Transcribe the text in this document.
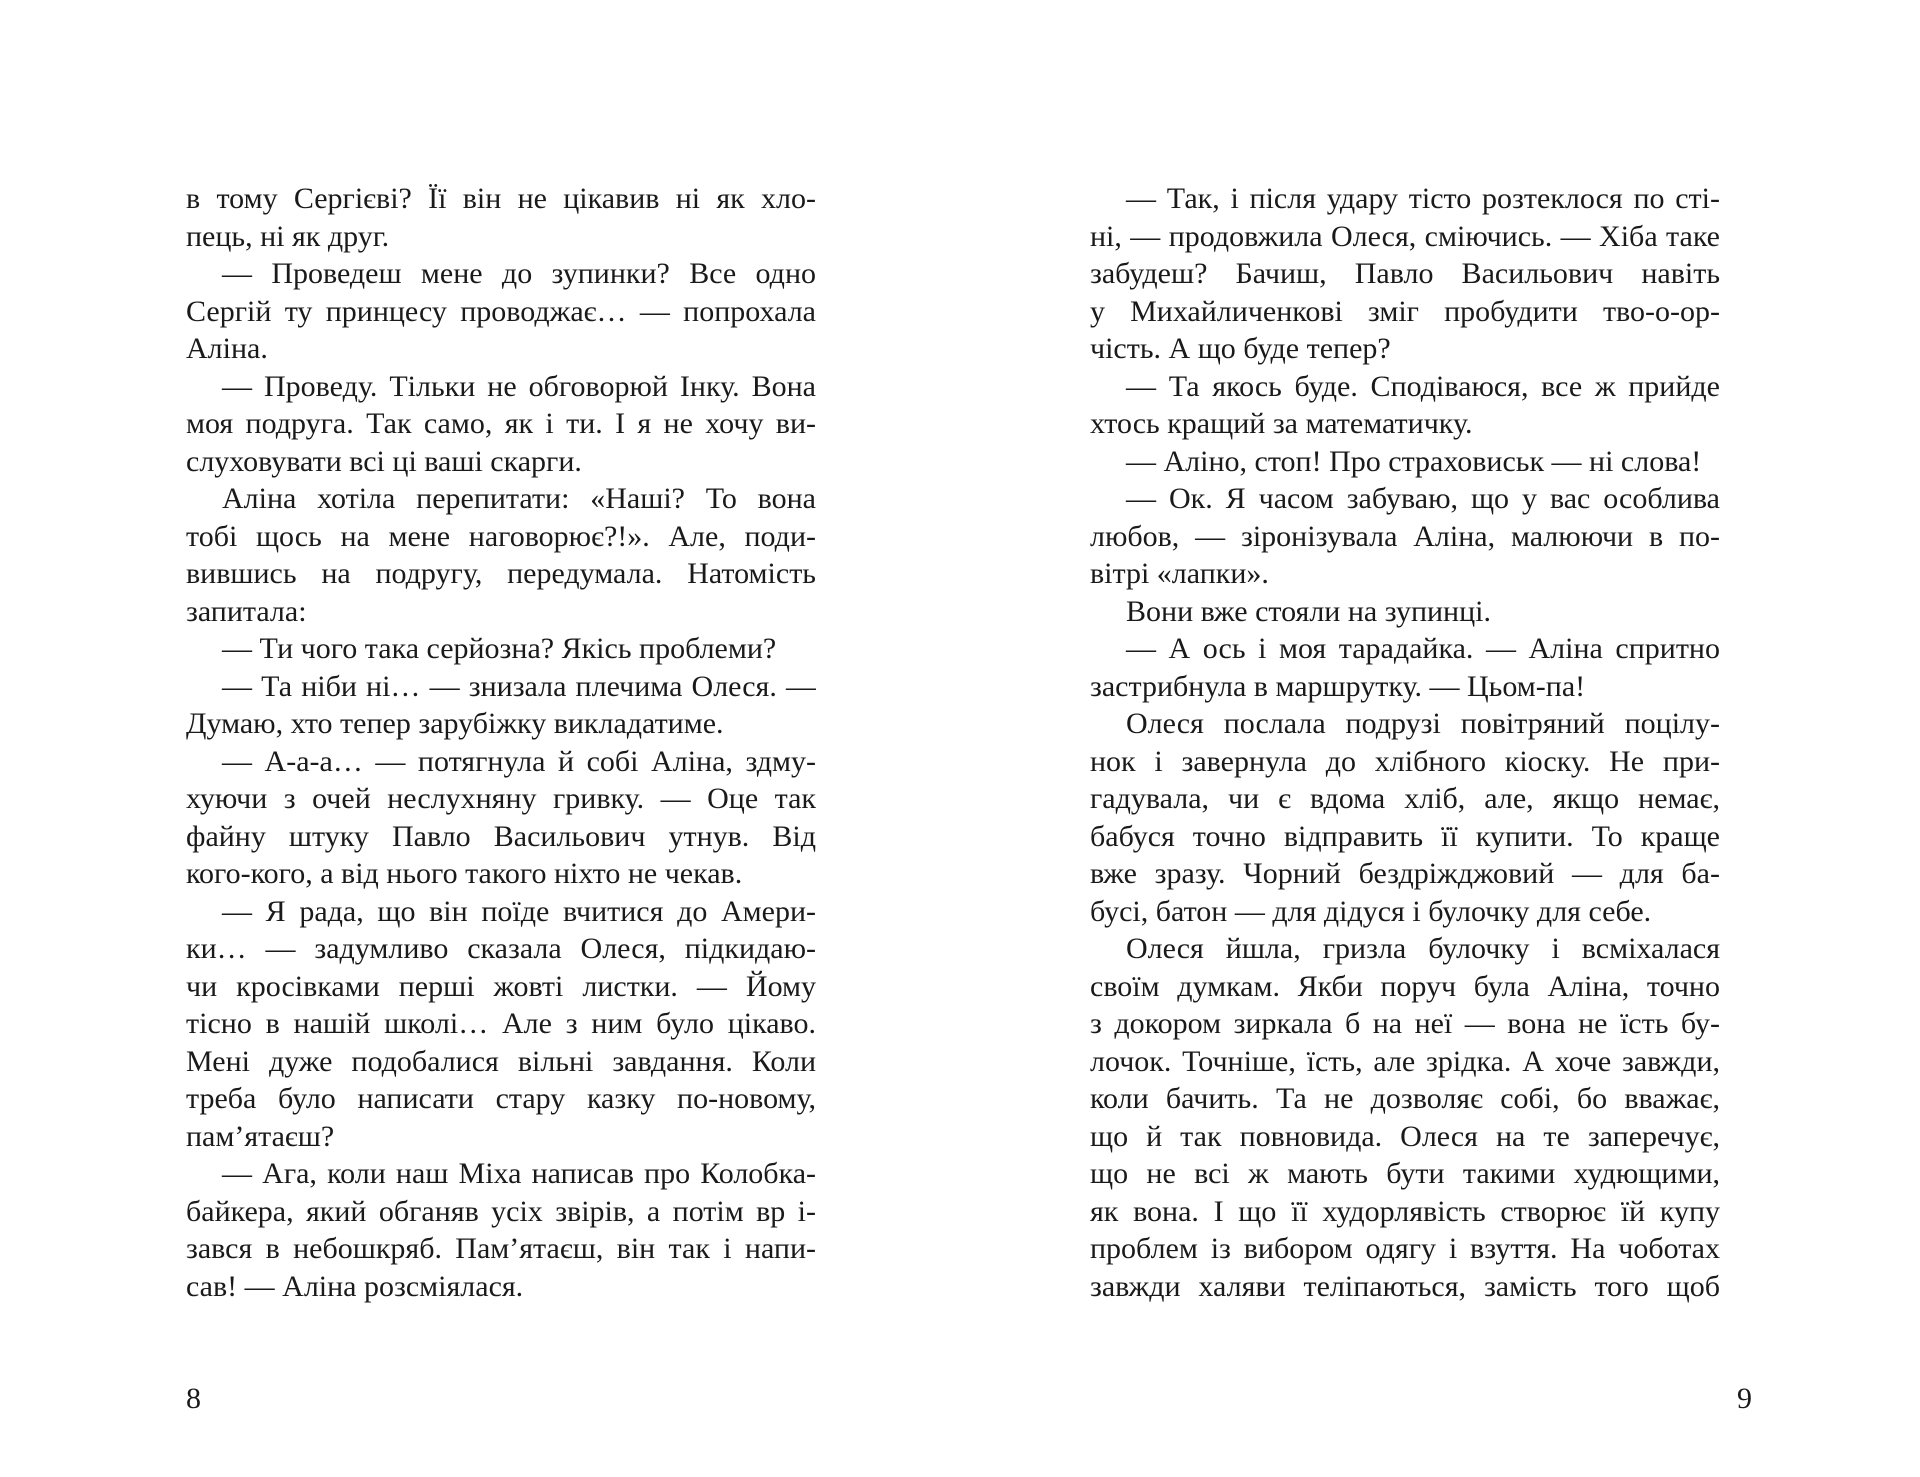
в тому Сергієві? Її він не цікавив ні як хло-
пець, ні як друг.
— Проведеш мене до зупинки? Все одно
Сергій ту принцесу проводжає… — попрохала
Аліна.
— Проведу. Тільки не обговорюй Інку. Вона
моя подруга. Так само, як і ти. І я не хочу ви-
слуховувати всі ці ваші скарги.
Аліна хотіла перепитати: «Наші? То вона
тобі щось на мене наговорює?!». Але, поди-
вившись на подругу, передумала. Натомість
запитала:
— Ти чого така серйозна? Якісь проблеми?
— Та ніби ні… — знизала плечима Олеся. —
Думаю, хто тепер зарубіжку викладатиме.
— А-а-а… — потягнула й собі Аліна, здму-
хуючи з очей неслухняну гривку. — Оце так
файну штуку Павло Васильович утнув. Від
кого-кого, а від нього такого ніхто не чекав.
— Я рада, що він поїде вчитися до Амери-
ки… — задумливо сказала Олеся, підкидаю-
чи кросівками перші жовті листки. — Йому
тісно в нашій школі… Але з ним було цікаво.
Мені дуже подобалися вільні завдання. Коли
треба було написати стару казку по-новому,
пам’ятаєш?
— Ага, коли наш Міха написав про Колобка-
байкера, який обганяв усіх звірів, а потім вр і-
зався в небошкряб. Пам’ятаєш, він так і напи-
сав! — Аліна розсміялася.
8
— Так, і після удару тісто розтеклося по сті-
ні, — продовжила Олеся, сміючись. — Хіба таке
забудеш? Бачиш, Павло Васильович навіть
у Михайличенкові зміг пробудити тво-о-ор-
чість. А що буде тепер?
— Та якось буде. Сподіваюся, все ж прийде
хтось кращий за математичку.
— Аліно, стоп! Про страховиськ — ні слова!
— Ок. Я часом забуваю, що у вас особлива
любов, — зіронізувала Аліна, малюючи в по-
вітрі «лапки».
Вони вже стояли на зупинці.
— А ось і моя тарадайка. — Аліна спритно
застрибнула в маршрутку. — Цьом-па!
Олеся послала подрузі повітряний поцілу-
нок і завернула до хлібного кіоску. Не при-
гадувала, чи є вдома хліб, але, якщо немає,
бабуся точно відправить її купити. То краще
вже зразу. Чорний бездріжджовий — для ба-
бусі, батон — для дідуся і булочку для себе.
Олеся йшла, гризла булочку і всміхалася
своїм думкам. Якби поруч була Аліна, точно
з докором зиркала б на неї — вона не їсть бу-
лочок. Точніше, їсть, але зрідка. А хоче завжди,
коли бачить. Та не дозволяє собі, бо вважає,
що й так повновида. Олеся на те заперечує,
що не всі ж мають бути такими худющими,
як вона. І що її худорлявість створює їй купу
проблем із вибором одягу і взуття. На чоботах
завжди халяви теліпаються, замість того щоб
9
